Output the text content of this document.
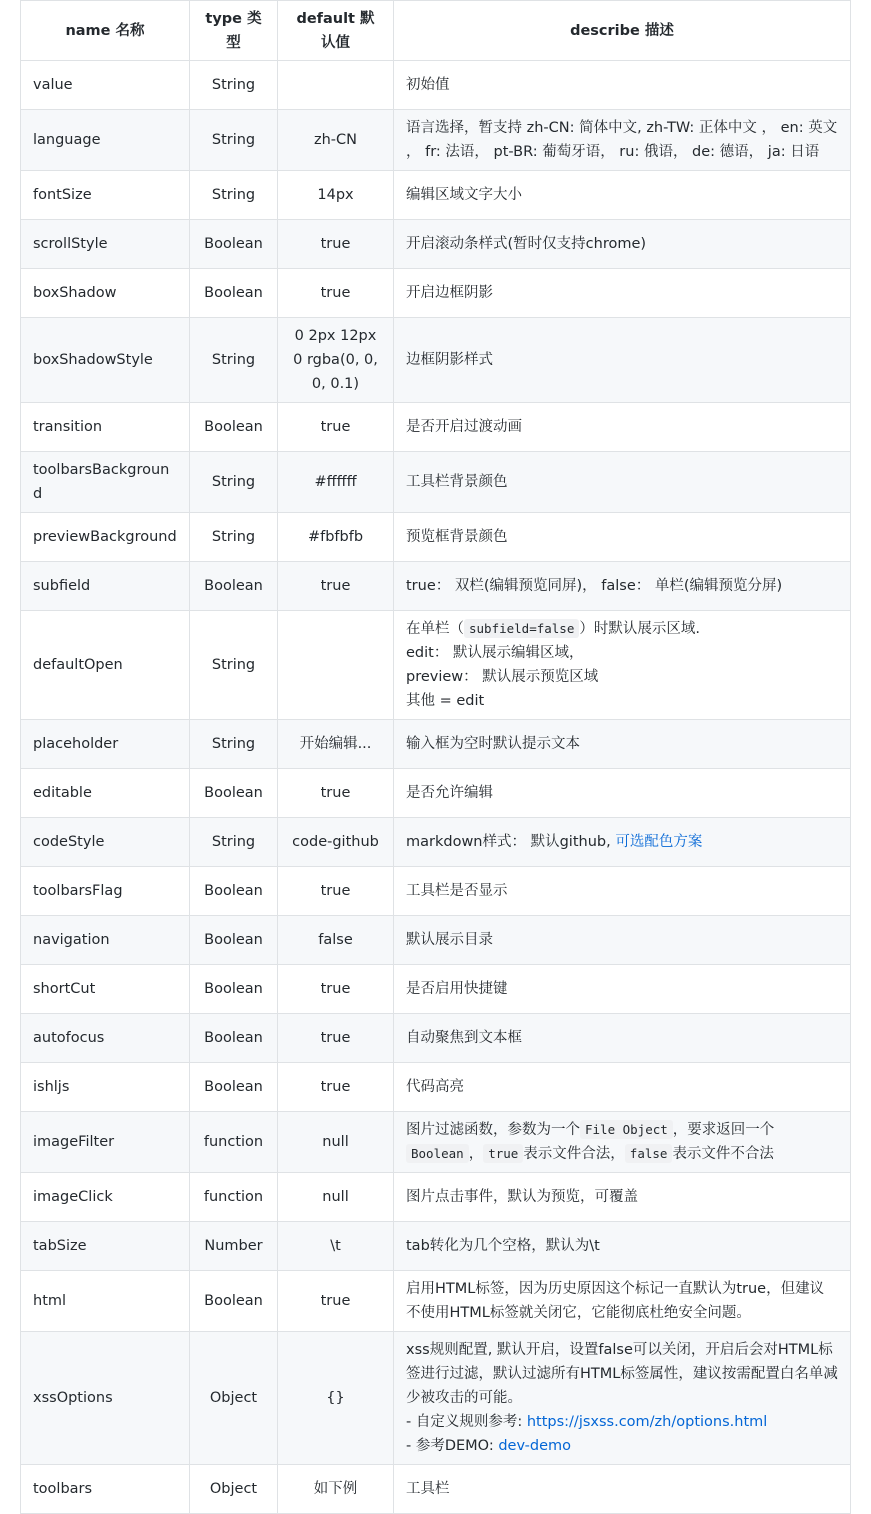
name 名称	type 类型	default 默认值	describe 描述
value	String		初始值
language	String	zh-CN	语言选择，暂支持 zh-CN: 简体中文, zh-TW: 正体中文 ， en: 英文 ， fr: 法语， pt-BR: 葡萄牙语， ru: 俄语， de: 德语， ja: 日语
fontSize	String	14px	编辑区域文字大小
scrollStyle	Boolean	true	开启滚动条样式(暂时仅支持chrome)
boxShadow	Boolean	true	开启边框阴影
boxShadowStyle	String	0 2px 12px 0 rgba(0, 0, 0, 0.1)	边框阴影样式
transition	Boolean	true	是否开启过渡动画
toolbarsBackground	String	#ffffff	工具栏背景颜色
previewBackground	String	#fbfbfb	预览框背景颜色
subfield	Boolean	true	true： 双栏(编辑预览同屏)， false： 单栏(编辑预览分屏)
defaultOpen	String		在单栏（ subfield=false ）时默认展示区域.
edit： 默认展示编辑区域，
preview： 默认展示预览区域
其他 = edit

placeholder	String	开始编辑...	输入框为空时默认提示文本
editable	Boolean	true	是否允许编辑
codeStyle	String	code-github	markdown样式： 默认github, 可选配色方案
toolbarsFlag	Boolean	true	工具栏是否显示
navigation	Boolean	false	默认展示目录
shortCut	Boolean	true	是否启用快捷键
autofocus	Boolean	true	自动聚焦到文本框
ishljs	Boolean	true	代码高亮
imageFilter	function	null	图片过滤函数，参数为一个 File Object ，要求返回一个Boolean ， true 表示文件合法， false 表示文件不合法
imageClick	function	null	图片点击事件，默认为预览，可覆盖
tabSize	Number	\t	tab转化为几个空格，默认为\t
html	Boolean	true	启用HTML标签，因为历史原因这个标记一直默认为true，但建议不使用HTML标签就关闭它，它能彻底杜绝安全问题。
xssOptions	Object	{}	xss规则配置, 默认开启，设置false可以关闭，开启后会对HTML标签进行过滤，默认过滤所有HTML标签属性，建议按需配置白名单减少被攻击的可能。
- 自定义规则参考: https://jsxss.com/zh/options.html
- 参考DEMO: dev-demo

toolbars	Object	如下例	工具栏
